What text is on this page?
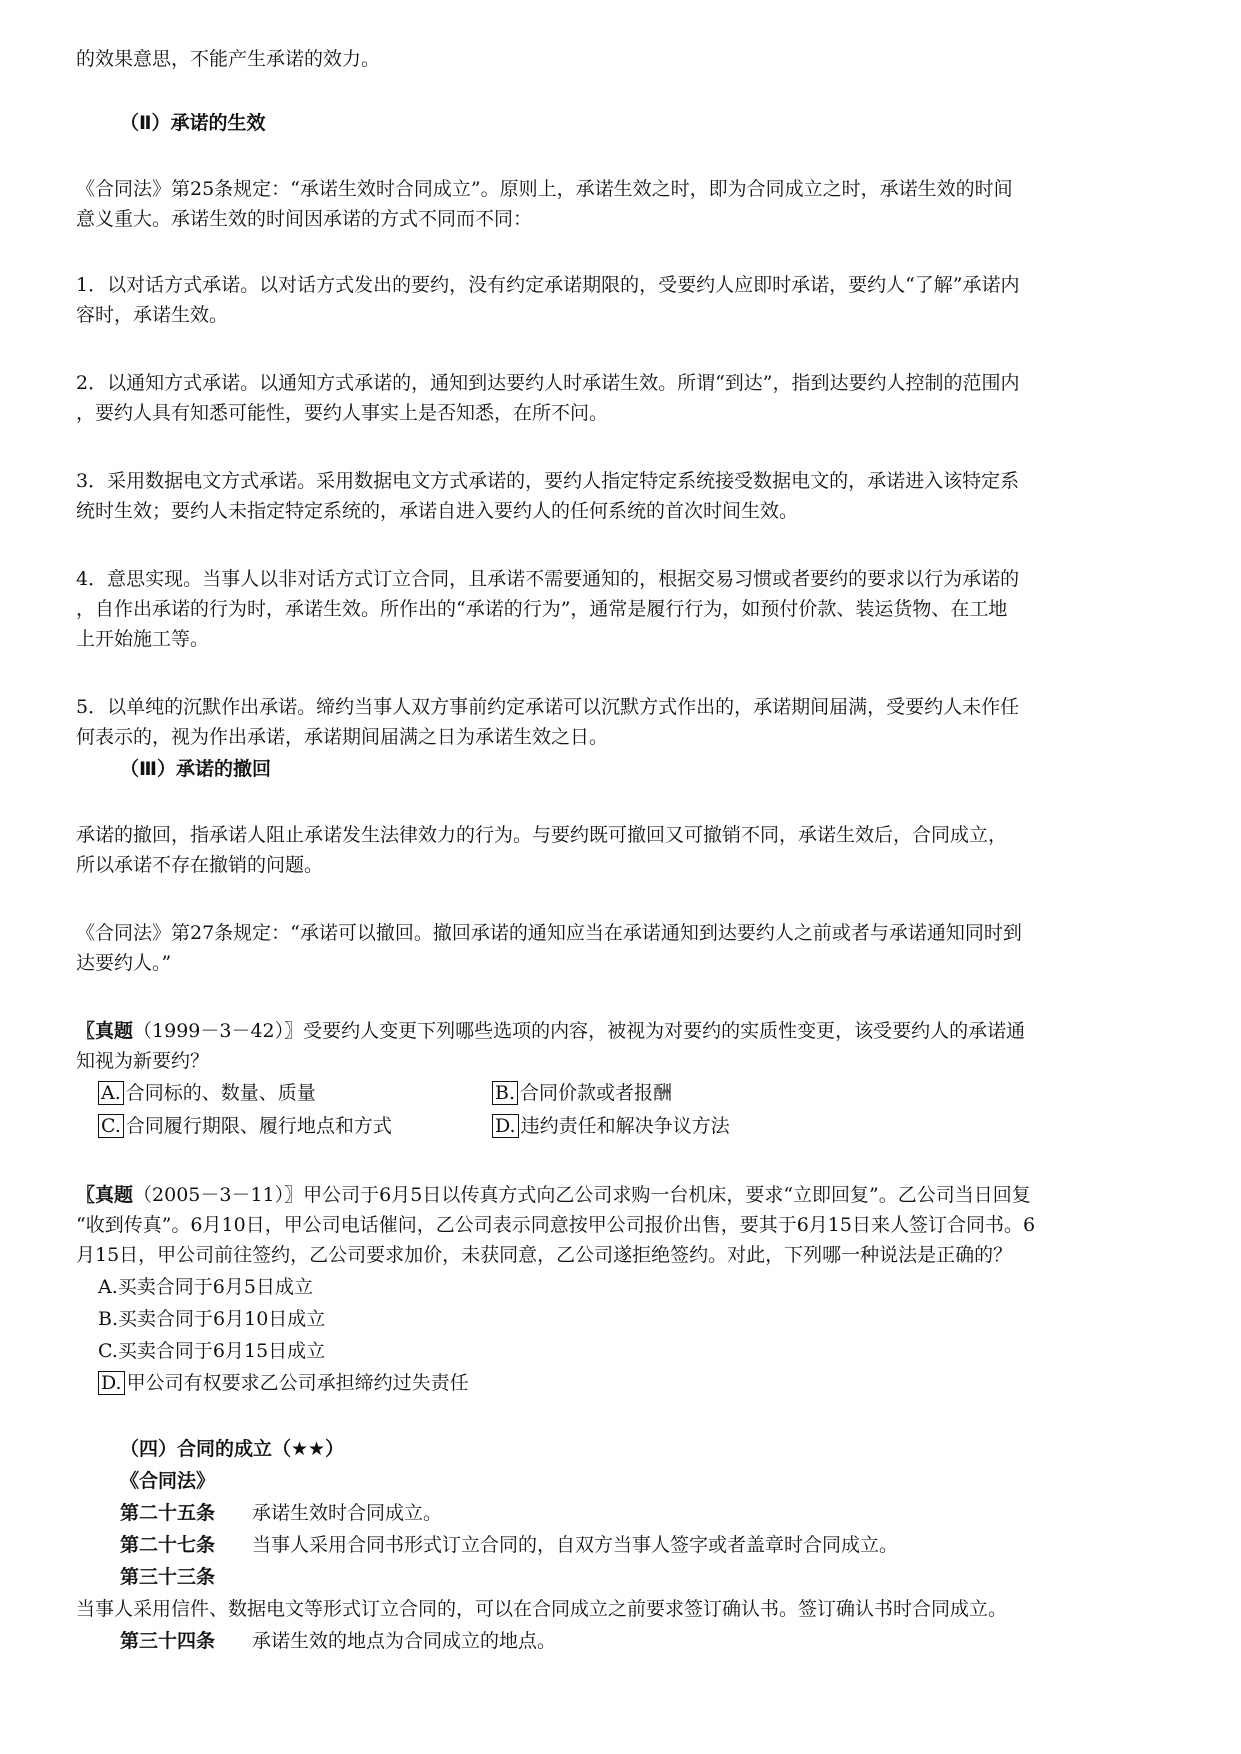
的效果意思，不能产生承诺的效力。
（Ⅱ）承诺的生效
《合同法》第25条规定：“承诺生效时合同成立”。原则上，承诺生效之时，即为合同成立之时，承诺生效的时间
意义重大。承诺生效的时间因承诺的方式不同而不同：
1．以对话方式承诺。以对话方式发出的要约，没有约定承诺期限的，受要约人应即时承诺，要约人“了解”承诺内
容时，承诺生效。
2．以通知方式承诺。以通知方式承诺的，通知到达要约人时承诺生效。所谓“到达”，指到达要约人控制的范围内
，要约人具有知悉可能性，要约人事实上是否知悉，在所不问。
3．采用数据电文方式承诺。采用数据电文方式承诺的，要约人指定特定系统接受数据电文的，承诺进入该特定系
统时生效；要约人未指定特定系统的，承诺自进入要约人的任何系统的首次时间生效。
4．意思实现。当事人以非对话方式订立合同，且承诺不需要通知的，根据交易习惯或者要约的要求以行为承诺的
，自作出承诺的行为时，承诺生效。所作出的“承诺的行为”，通常是履行行为，如预付价款、装运货物、在工地
上开始施工等。
5．以单纯的沉默作出承诺。缔约当事人双方事前约定承诺可以沉默方式作出的，承诺期间届满，受要约人未作任
何表示的，视为作出承诺，承诺期间届满之日为承诺生效之日。
（Ⅲ）承诺的撤回
承诺的撤回，指承诺人阻止承诺发生法律效力的行为。与要约既可撤回又可撤销不同，承诺生效后，合同成立，
所以承诺不存在撤销的问题。
《合同法》第27条规定：“承诺可以撤回。撤回承诺的通知应当在承诺通知到达要约人之前或者与承诺通知同时到
达要约人。”
〖真题（1999－3－42）〗受要约人变更下列哪些选项的内容，被视为对要约的实质性变更，该受要约人的承诺通
知视为新要约？
A. 合同标的、数量、质量	B. 合同价款或者报酬
C. 合同履行期限、履行地点和方式	D. 违约责任和解决争议方法
〖真题（2005－3－11）〗甲公司于6月5日以传真方式向乙公司求购一台机床，要求“立即回复”。乙公司当日回复
“收到传真”。6月10日，甲公司电话催问，乙公司表示同意按甲公司报价出售，要其于6月15日来人签订合同书。6
月15日，甲公司前往签约，乙公司要求加价，未获同意，乙公司遂拒绝签约。对此，下列哪一种说法是正确的？
A.买卖合同于6月5日成立
B.买卖合同于6月10日成立
C.买卖合同于6月15日成立
D. 甲公司有权要求乙公司承担缔约过失责任
（四）合同的成立（★★）
《合同法》
第二十五条 承诺生效时合同成立。
第二十七条 当事人采用合同书形式订立合同的，自双方当事人签字或者盖章时合同成立。
第三十三条
当事人采用信件、数据电文等形式订立合同的，可以在合同成立之前要求签订确认书。签订确认书时合同成立。
第三十四条 承诺生效的地点为合同成立的地点。
